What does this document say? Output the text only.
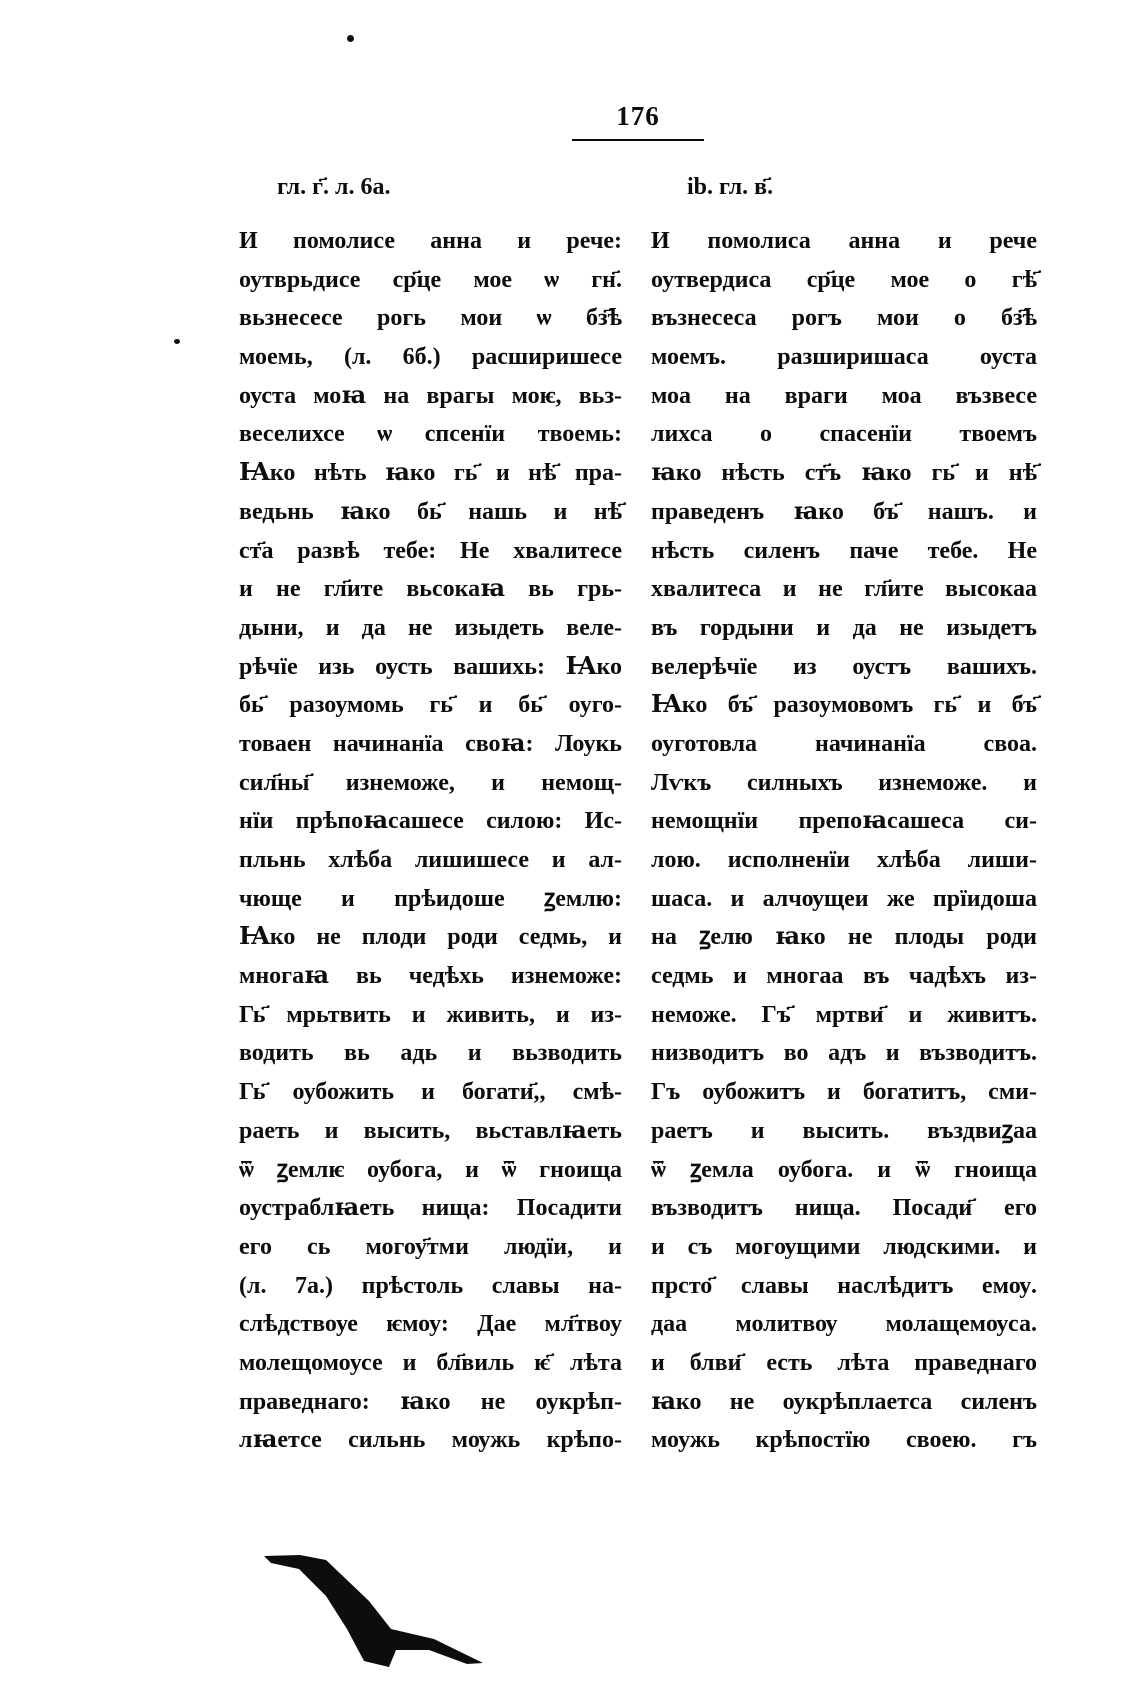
176
гл. г҃. л. 6а.	ib. гл. в҃.
И помолисе анна и рече:
оутврьдисе ср҃це мое ѡ гн҃.
вьзнесесе рогь мои ѡ бз҃ѣ
моемь, (л. 6б.) расширишесе
оуста моꙗ на врагы моѥ, вьз-
веселихсе ѡ спсенїи твоемь:
Ꙗко нѣть ꙗко гь҃ и нѣ҃ пра-
ведьнь ꙗко бь҃ нашь и нѣ҃
ст҃а развѣ тебе: Не хвалитесе
и не гл҃ите вьсокаꙗ вь грь-
дыни, и да не изыдеть веле-
рѣчїе изь оусть вашихь: Ꙗко
бь҃ разоумомь гь҃ и бь҃ оуго-
товаен начинанїа своꙗ: Лоукь
сил҃ны҃ изнеможе, и немощ-
нїи прѣпоꙗсашесе силою: Ис-
пльнь хлѣба лишишесе и ал-
чюще и прѣидоше ꙁемлю:
Ꙗко не плоди роди седмь, и
многаꙗ вь чедѣхь изнеможе:
Гь҃ мрьтвить и живить, и из-
водить вь адь и вьзводить
Гь҃ оубожить и богати҃,, смѣ-
раеть и высить, вьставлꙗеть
ѿ ꙁемлѥ оубога, и ѿ гноища
оустраблꙗеть нища: Посадити
его сь могоу҃тми людїи, и
(л. 7а.) прѣстоль славы на-
слѣдствоуе ѥмоу: Дае мл҃твоу
молещомоусе и бл҃виль ѥ҃ лѣта
праведнаго: ꙗко не оукрѣп-
лꙗетсе сильнь мѹжь крѣпо-
И помолиса анна и рече
оутвердиса ср҃це мое о гѣ҃
възнесеса рогъ мои о бз҃ѣ
моемъ. разширишаса оуста
моа на враги моа възвесе
лихса о спасенїи твоемъ
ꙗко нѣсть ст҃ъ ꙗко гь҃ и нѣ҃
праведенъ ꙗко бъ҃ нашъ. и
нѣсть силенъ паче тебе. Не
хвалитеса и не гл҃ите высокаа
въ гордыни и да не изыдетъ
велерѣчїе из оустъ вашихъ.
Ꙗко бъ҃ разоумовомъ гь҃ и бъ҃
оуготовла начинанїа своа.
Лѵкъ силныхъ изнеможе. и
немощнїи препоꙗсашеса си-
лою. исполненїи хлѣба лиши-
шаса. и алчѹщеи же прїидоша
на ꙁелю ꙗко не плоды роди
седмь и многаа въ чадѣхъ из-
неможе. Гъ҃ мртви҃ и живитъ.
низводитъ во адъ и възводитъ.
Гъ оубожитъ и богатитъ, сми-
раетъ и высить. въздвиꙁаа
ѿ ꙁемла оубога. и ѿ гноища
възводитъ нища. Посади҃ его
и съ могѹщими людскими. и
прсто҃ славы наслѣдитъ емѹ.
даа молитвѹ молащемѹса.
и блви҃ есть лѣта праведнаго
ꙗко не оукрѣплаетса силенъ
моужь крѣпостїю своею. гъ
